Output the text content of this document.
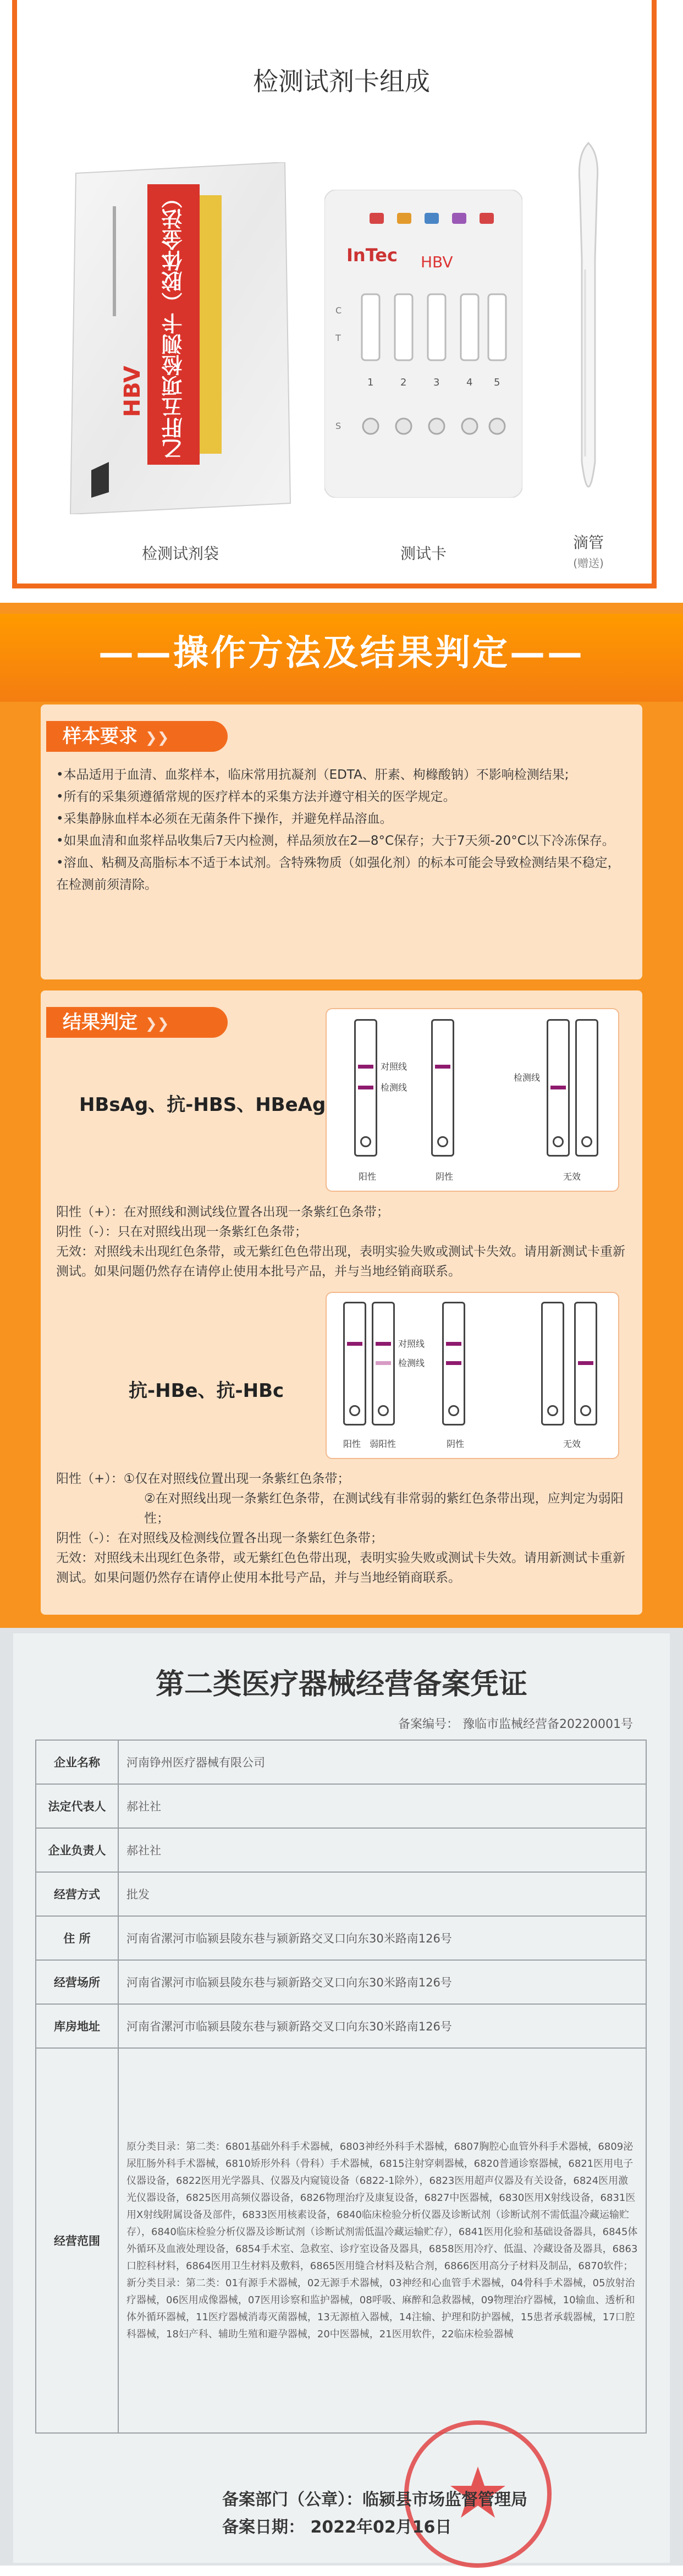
检测试剂卡组成
乙肝五项检测卡（胶体金法）
HBV
检测试剂袋
InTec HBV
C
T
S
1	2	3	4 5
测试卡
滴管
(赠送)
——操作方法及结果判定——
样本要求 ❯❯

•本品适用于血清、血浆样本，临床常用抗凝剂（EDTA、肝素、枸橼酸钠）不影响检测结果;

•所有的采集须遵循常规的医疗样本的采集方法并遵守相关的医学规定。

•采集静脉血样本必须在无菌条件下操作，并避免样品溶血。

•如果血清和血浆样品收集后7天内检测，样品须放在2—8°C保存；大于7天须-20°C以下冷冻保存。

•溶血、粘稠及高脂标本不适于本试剂。含特殊物质（如强化剂）的标本可能会导致检测结果不稳定，在检测前须清除。

结果判定 ❯❯
对照线
检测线
检测线
阳性	阴性	无效
HBsAg、抗-HBS、HBeAg

阳性（+）：在对照线和测试线位置各出现一条紫红色条带；

阴性（-）：只在对照线出现一条紫红色条带；

无效：对照线未出现红色条带，或无紫红色色带出现，表明实验失败或测试卡失效。请用新测试卡重新测试。如果问题仍然存在请停止使用本批号产品，并与当地经销商联系。

对照线
检测线
阳性 弱阳性	阴性	无效
抗-HBe、抗-HBc

阳性（+）：①仅在对照线位置出现一条紫红色条带；

②在对照线出现一条紫红色条带，在测试线有非常弱的紫红色条带出现，应判定为弱阳性；

阴性（-）：在对照线及检测线位置各出现一条紫红色条带；

无效：对照线未出现红色条带，或无紫红色色带出现，表明实验失败或测试卡失效。请用新测试卡重新测试。如果问题仍然存在请停止使用本批号产品，并与当地经销商联系。

第二类医疗器械经营备案凭证
备案编号： 豫临市监械经营备20220001号
企业名称	河南铮州医疗器械有限公司
法定代表人	郝社社
企业负责人	郝社社
经营方式	批发
住 所	河南省漯河市临颍县陵东巷与颍新路交叉口向东30米路南126号
经营场所	河南省漯河市临颍县陵东巷与颍新路交叉口向东30米路南126号
库房地址	河南省漯河市临颍县陵东巷与颍新路交叉口向东30米路南126号
经营范围	原分类目录：第二类：6801基础外科手术器械，6803神经外科手术器械，6807胸腔心血管外科手术器械，6809泌尿肛肠外科手术器械，6810矫形外科（骨科）手术器械，6815注射穿刺器械，6820普通诊察器械，6821医用电子仪器设备，6822医用光学器具、仪器及内窥镜设备（6822-1除外），6823医用超声仪器及有关设备，6824医用激光仪器设备，6825医用高频仪器设备，6826物理治疗及康复设备，6827中医器械，6830医用X射线设备，6831医用X射线附属设备及部件，6833医用核素设备，6840临床检验分析仪器及诊断试剂（诊断试剂不需低温冷藏运输贮存），6840临床检验分析仪器及诊断试剂（诊断试剂需低温冷藏运输贮存），6841医用化验和基础设备器具，6845体外循环及血液处理设备，6854手术室、急救室、诊疗室设备及器具，6858医用冷疗、低温、冷藏设备及器具，6863口腔科材料，6864医用卫生材料及敷料，6865医用缝合材料及粘合剂，6866医用高分子材料及制品，6870软件；新分类目录：第二类：01有源手术器械，02无源手术器械，03神经和心血管手术器械，04骨科手术器械，05放射治疗器械，06医用成像器械，07医用诊察和监护器械，08呼吸、麻醉和急救器械，09物理治疗器械，10输血、透析和体外循环器械，11医疗器械消毒灭菌器械，13无源植入器械，14注输、护理和防护器械，15患者承载器械，17口腔科器械，18妇产科、辅助生殖和避孕器械，20中医器械，21医用软件，22临床检验器械
备案部门（公章）：临颍县市场监督管理局
备案日期： 2022年02月16日
